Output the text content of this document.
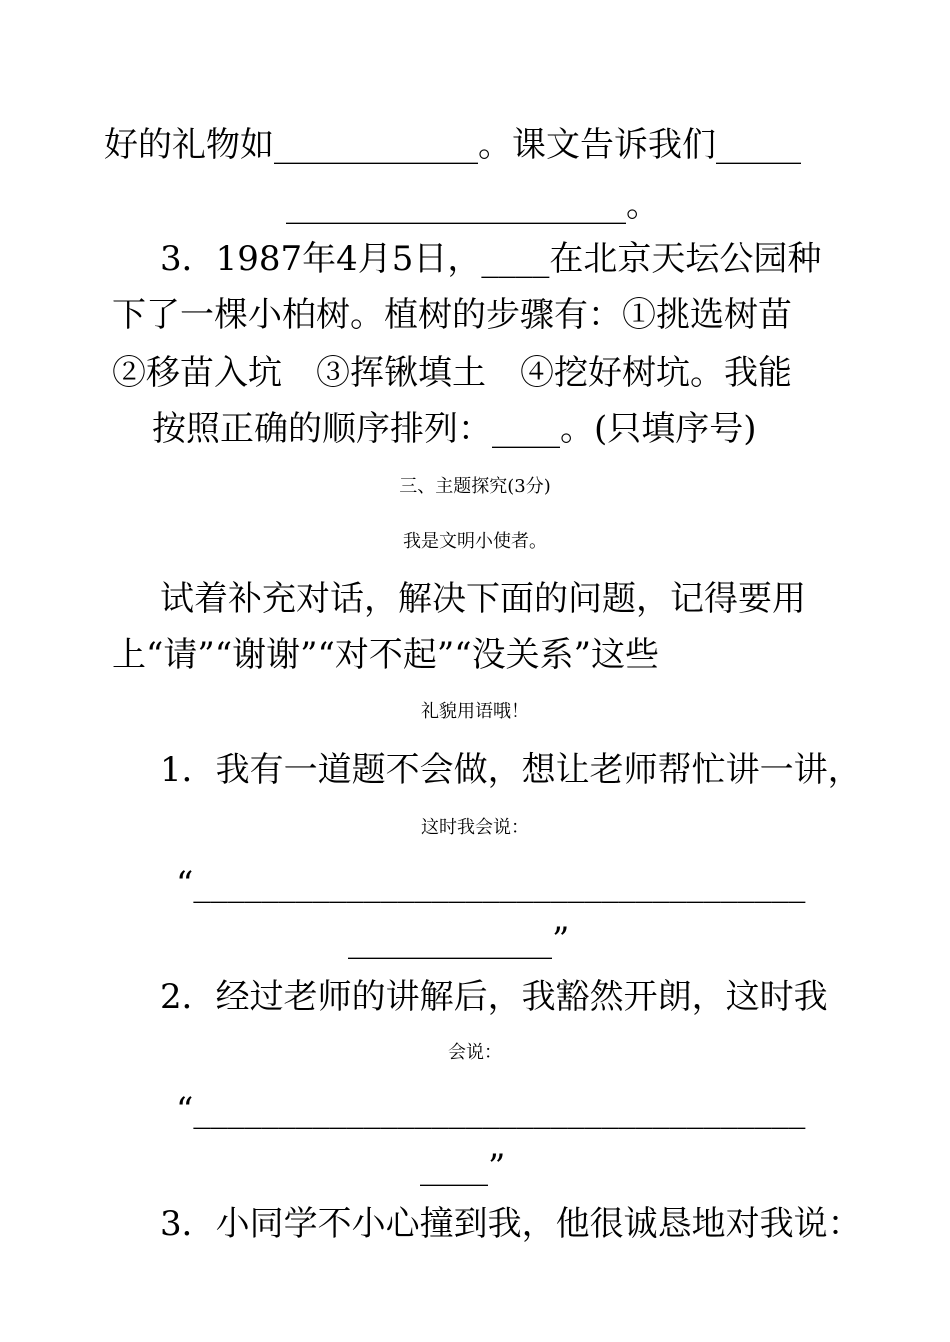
好的礼物如____________。课文告诉我们_____
____________________。
3．1987年4月5日，____在北京天坛公园种
下了一棵小柏树。植树的步骤有：①挑选树苗
②移苗入坑　③挥锹填土　④挖好树坑。我能
按照正确的顺序排列：____。(只填序号)
三、主题探究(3分)
我是文明小使者。
试着补充对话，解决下面的问题，记得要用
上“请”“谢谢”“对不起”“没关系”这些
礼貌用语哦！
1．我有一道题不会做，想让老师帮忙讲一讲，
这时我会说：
“____________________________________
____________”
2．经过老师的讲解后，我豁然开朗，这时我
会说：
“____________________________________
____”
3．小同学不小心撞到我，他很诚恳地对我说：
